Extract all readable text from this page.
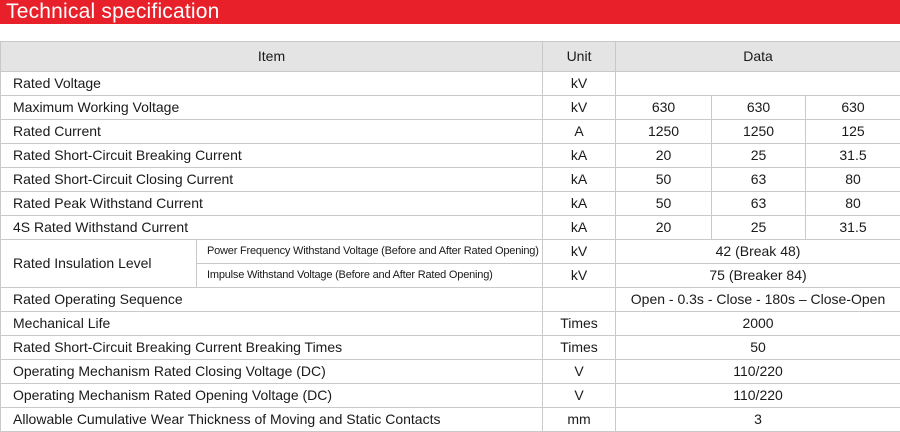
Technical specification
Item		Unit	Data		
Rated Voltage		kV			
Maximum Working Voltage		kV	630	630	630
Rated Current		A	1250	1250	125
Rated Short-Circuit Breaking Current		kA	20	25	31.5
Rated Short-Circuit Closing Current		kA	50	63	80
Rated Peak Withstand Current		kA	50	63	80
4S Rated Withstand Current		kA	20	25	31.5
Rated Insulation Level	Power Frequency Withstand Voltage (Before and After Rated Opening)	kV	42 (Break 48)		
	Impulse Withstand Voltage (Before and After Rated Opening)	kV	75 (Breaker 84)		
Rated Operating Sequence			Open - 0.3s - Close - 180s – Close-Open		
Mechanical Life		Times	2000		
Rated Short-Circuit Breaking Current Breaking Times		Times	50		
Operating Mechanism Rated Closing Voltage (DC)		V	110/220		
Operating Mechanism Rated Opening Voltage (DC)		V	110/220		
Allowable Cumulative Wear Thickness of Moving and Static Contacts		mm	3		
